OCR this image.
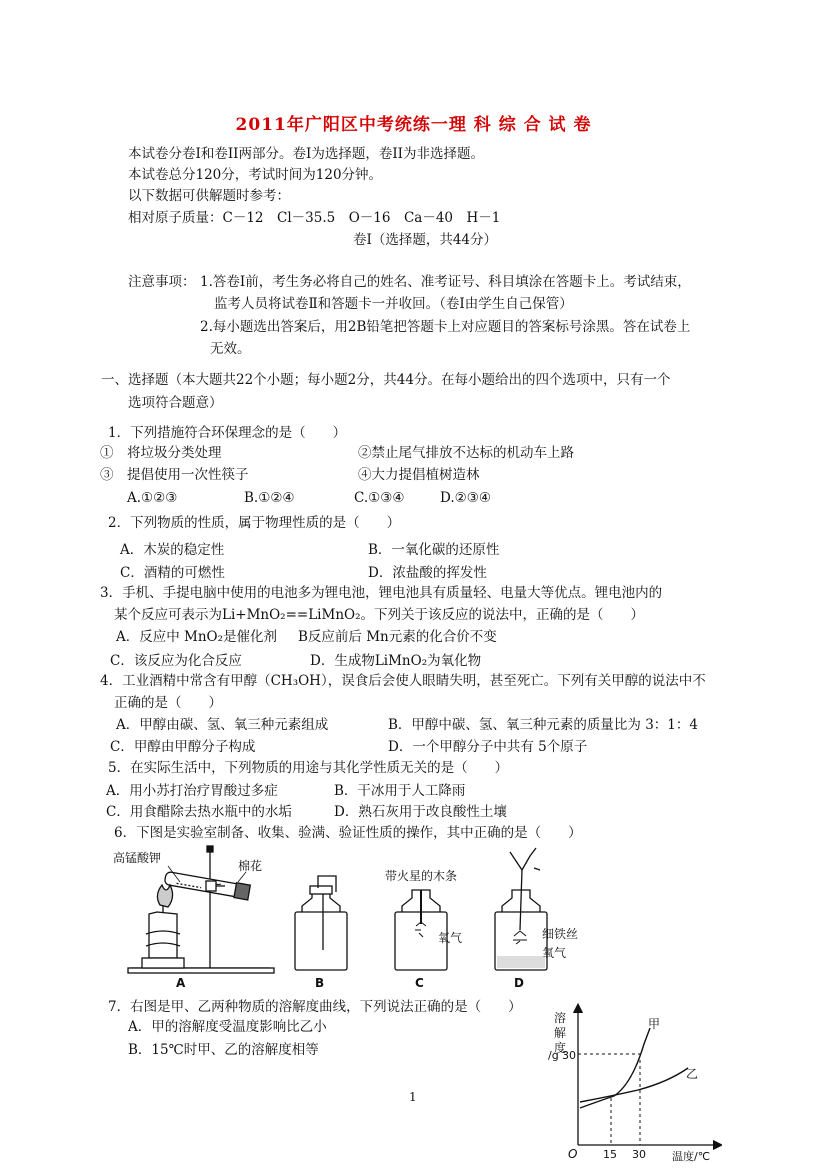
2011年广阳区中考统练一理 科 综 合 试 卷
本试卷分卷Ⅰ和卷ⅠI两部分。卷Ⅰ为选择题，卷ⅠI为非选择题。
本试卷总分120分，考试时间为120分钟。
以下数据可供解题时参考：
相对原子质量：C－12　Cl－35.5　O－16　Ca－40　H－1
卷I（选择题，共44分）
注意事项： 1.答卷I前，考生务必将自己的姓名、准考证号、科目填涂在答题卡上。考试结束，
监考人员将试卷Ⅱ和答题卡一并收回。（卷I由学生自己保管）
2.每小题选出答案后，用2B铅笔把答题卡上对应题目的答案标号涂黑。答在试卷上
无效。
一、选择题（本大题共22个小题；每小题2分，共44分。在每小题给出的四个选项中，只有一个
选项符合题意）
1．下列措施符合环保理念的是（　　）
①　将垃圾分类处理	②禁止尾气排放不达标的机动车上路
③　提倡使用一次性筷子	④大力提倡植树造林
A.①②③	B.①②④	C.①③④	D.②③④
2．下列物质的性质，属于物理性质的是（　　）
A．木炭的稳定性	B．一氧化碳的还原性
C．酒精的可燃性	D．浓盐酸的挥发性
3．手机、手提电脑中使用的电池多为锂电池，锂电池具有质量轻、电量大等优点。锂电池内的
某个反应可表示为Li+MnO₂==LiMnO₂。下列关于该反应的说法中，正确的是（　　）
A．反应中 MnO₂是催化剂 B反应前后 Mn元素的化合价不变
C．该反应为化合反应	D．生成物LiMnO₂为氧化物
4．工业酒精中常含有甲醇（CH₃OH），误食后会使人眼睛失明，甚至死亡。下列有关甲醇的说法中不
正确的是（　　）
A．甲醇由碳、氢、氧三种元素组成	B．甲醇中碳、氢、氧三种元素的质量比为 3：1：4
C．甲醇由甲醇分子构成	D．一个甲醇分子中共有 5个原子
5．在实际生活中，下列物质的用途与其化学性质无关的是（　　）
A．用小苏打治疗胃酸过多症	B．干冰用于人工降雨
C．用食醋除去热水瓶中的水垢	D．熟石灰用于改良酸性土壤
6．下图是实验室制备、收集、验满、验证性质的操作，其中正确的是（　　）
高锰酸钾
棉花
A	B
带火星的木条
氧气
C
细铁丝
氧气
D
7．右图是甲、乙两种物质的溶解度曲线，下列说法正确的是（　　）
A．甲的溶解度受温度影响比乙小
B．15℃时甲、乙的溶解度相等
溶
解
度
/g 30
O 15 30 温度/℃
甲
乙
1
